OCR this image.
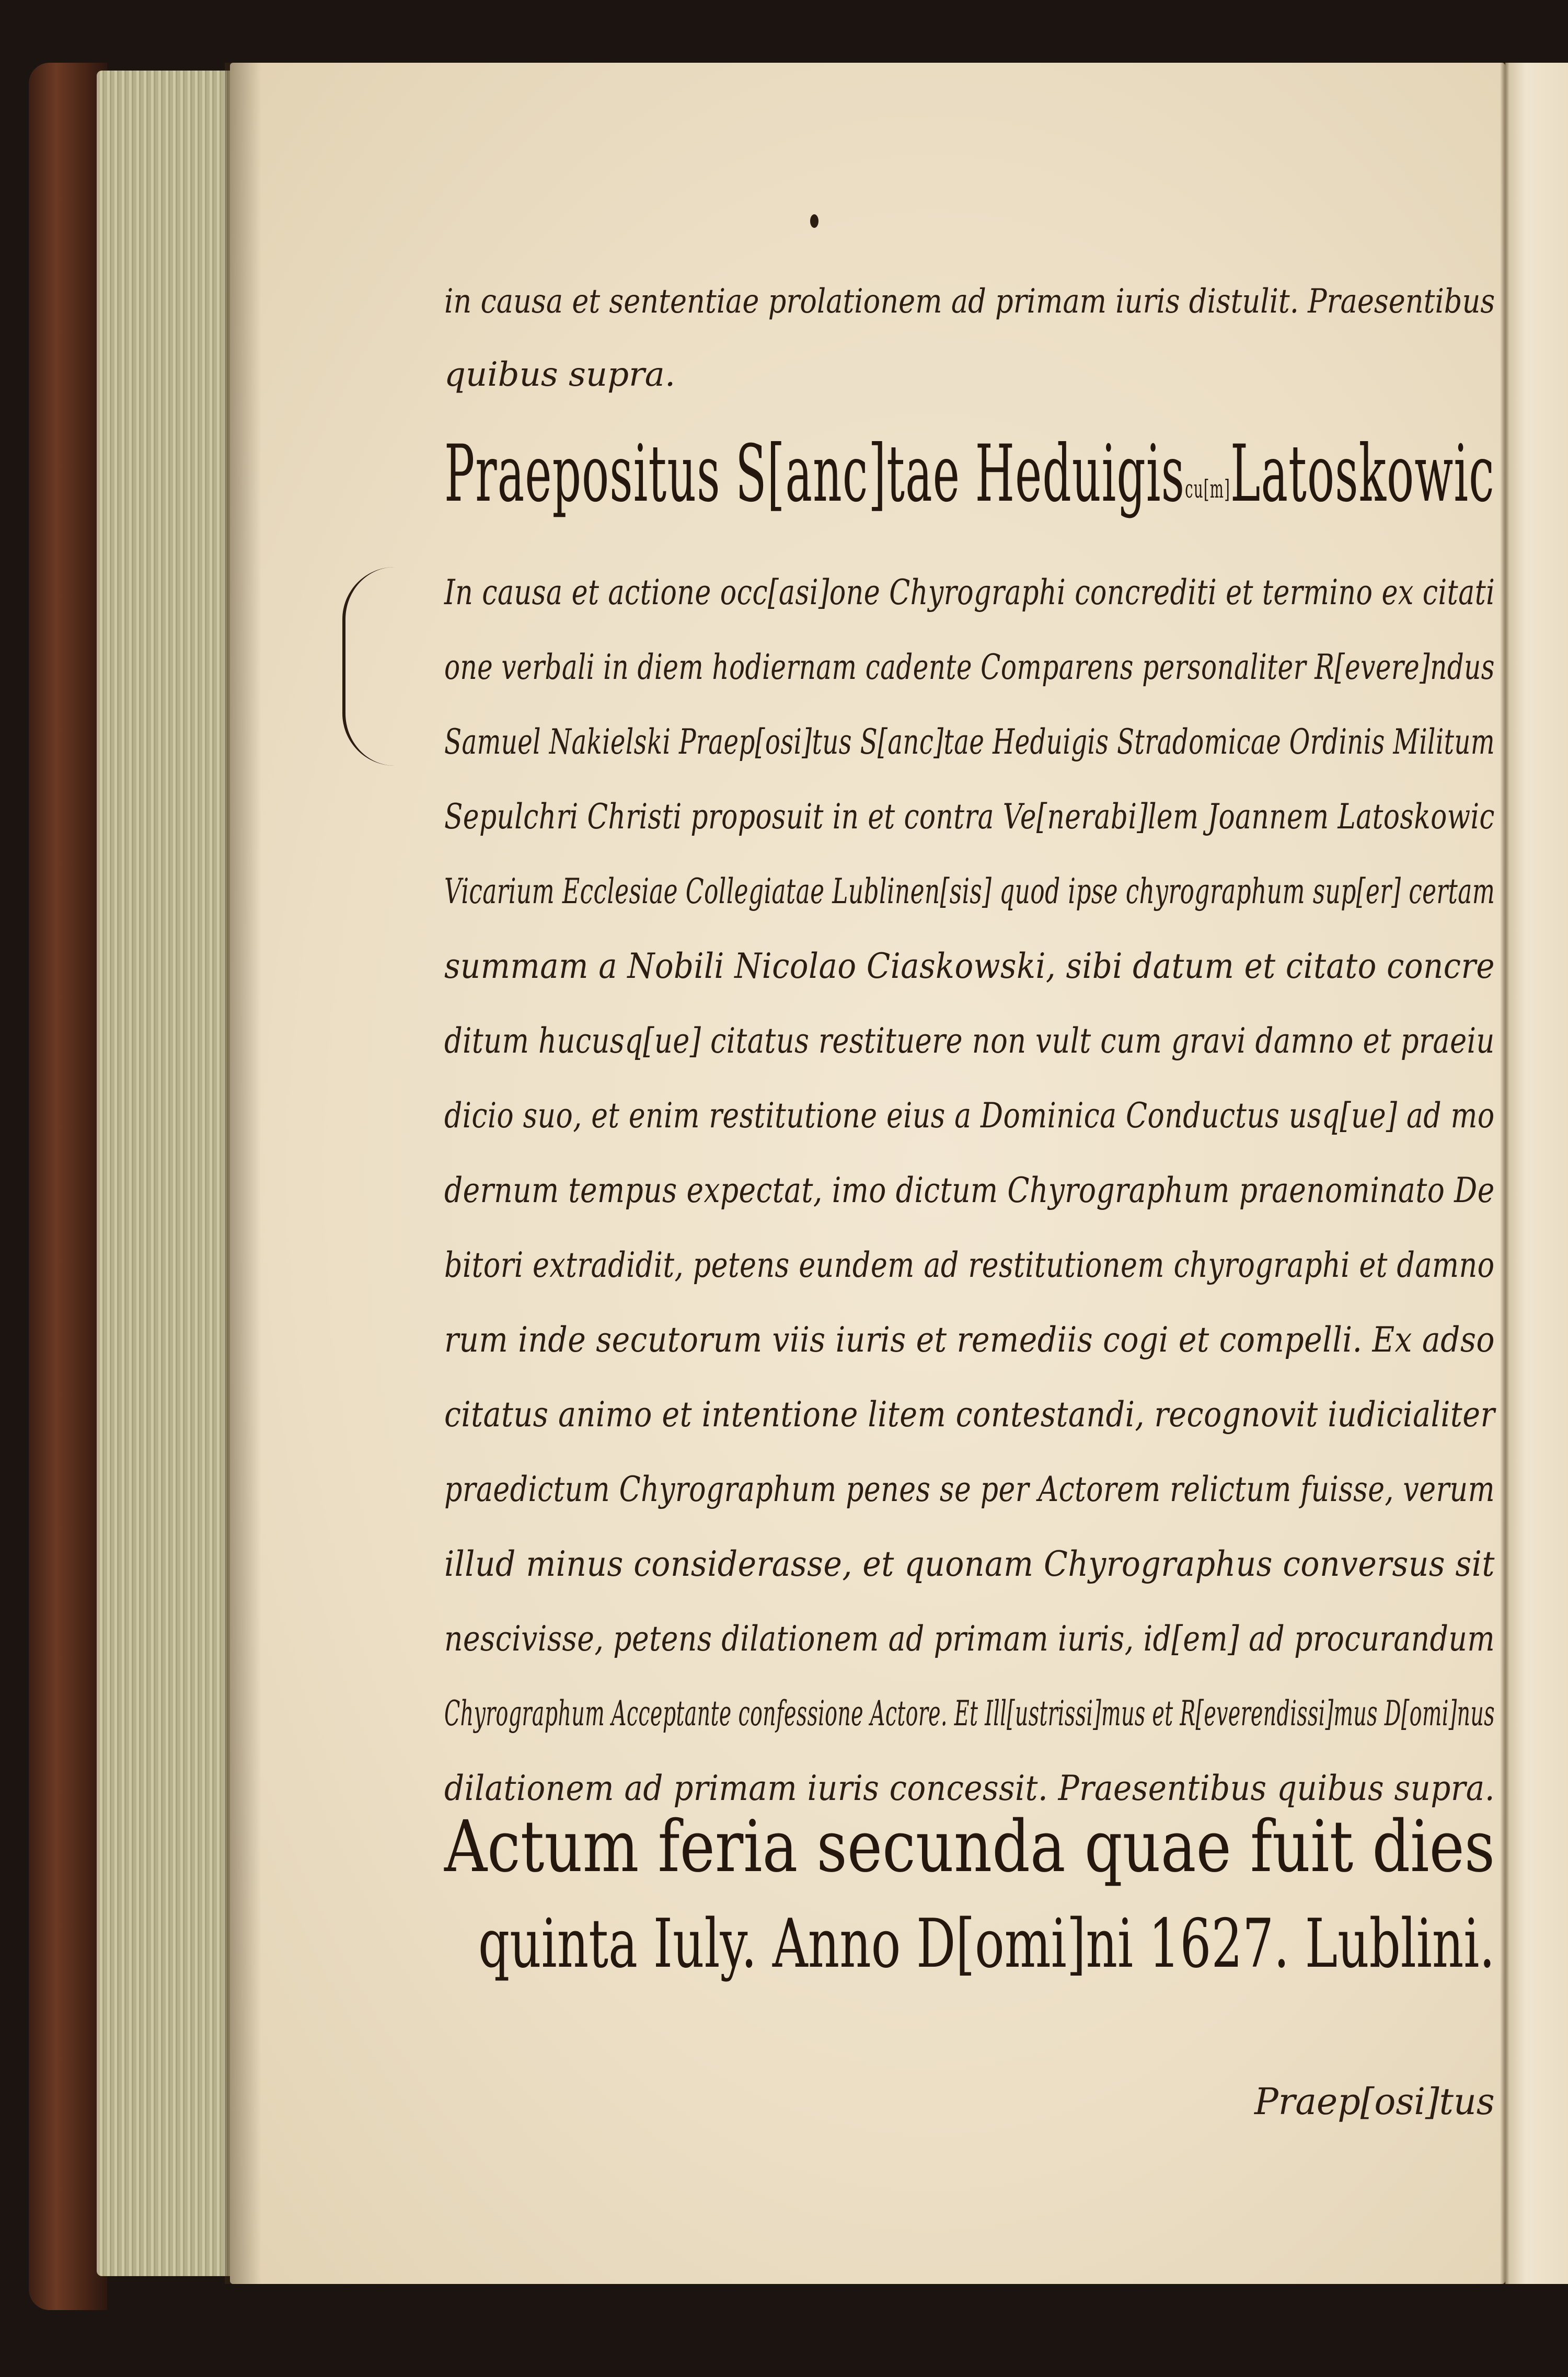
in causa et sententiae prolationem ad primam iuris distulit. Praesentibus

quibus supra.

Praepositus S[anc]tae Heduigiscu[m]Latoskowic

In causa et actione occ[asi]one Chyrographi concrediti et termino ex citati

one verbali in diem hodiernam cadente Comparens personaliter R[evere]ndus

Samuel Nakielski Praep[osi]tus S[anc]tae Heduigis Stradomicae Ordinis Militum

Sepulchri Christi proposuit in et contra Ve[nerabi]lem Joannem Latoskowic

Vicarium Ecclesiae Collegiatae Lublinen[sis] quod ipse chyrographum sup[er] certam

summam a Nobili Nicolao Ciaskowski, sibi datum et citato concre

ditum hucusq[ue] citatus restituere non vult cum gravi damno et praeiu

dicio suo, et enim restitutione eius a Dominica Conductus usq[ue] ad mo

dernum tempus expectat, imo dictum Chyrographum praenominato De

bitori extradidit, petens eundem ad restitutionem chyrographi et damno

rum inde secutorum viis iuris et remediis cogi et compelli. Ex adso

citatus animo et intentione litem contestandi, recognovit iudicialiter

praedictum Chyrographum penes se per Actorem relictum fuisse, verum

illud minus considerasse, et quonam Chyrographus conversus sit

nescivisse, petens dilationem ad primam iuris, id[em] ad procurandum

Chyrographum Acceptante confessione Actore. Et Ill[ustrissi]mus et R[everendissi]mus D[omi]nus

dilationem ad primam iuris concessit. Praesentibus quibus supra.

Actum feria secunda quae fuit dies

quinta Iuly. Anno D[omi]ni 1627. Lublini.

Praep[osi]tus
